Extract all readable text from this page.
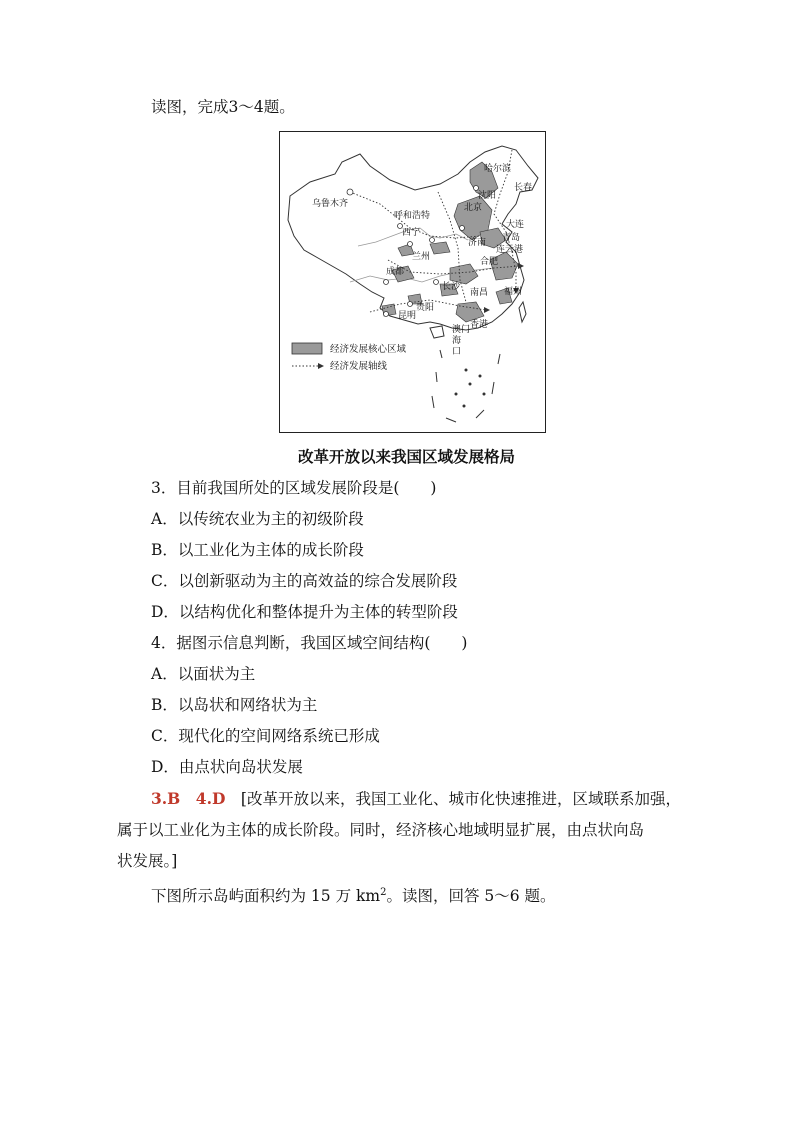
读图，完成3～4题。
哈尔滨
长春
沈阳
乌鲁木齐
呼和浩特
北京
大连
青岛
连云港
西宁
济南
兰州	合肥
成都
长沙
南昌 福州
贵阳
昆明
香港
澳门
海
口
经济发展核心区域
经济发展轴线
改革开放以来我国区域发展格局
3．目前我国所处的区域发展阶段是(　　)
A．以传统农业为主的初级阶段
B．以工业化为主体的成长阶段
C．以创新驱动为主的高效益的综合发展阶段
D．以结构优化和整体提升为主体的转型阶段
4．据图示信息判断，我国区域空间结构(　　)
A．以面状为主
B．以岛状和网络状为主
C．现代化的空间网络系统已形成
D．由点状向岛状发展
3.B　4.D　 [改革开放以来，我国工业化、城市化快速推进，区域联系加强，
属于以工业化为主体的成长阶段。同时，经济核心地域明显扩展，由点状向岛
状发展。]
下图所示岛屿面积约为 15 万 $km^2$。读图，回答 5～6 题。
